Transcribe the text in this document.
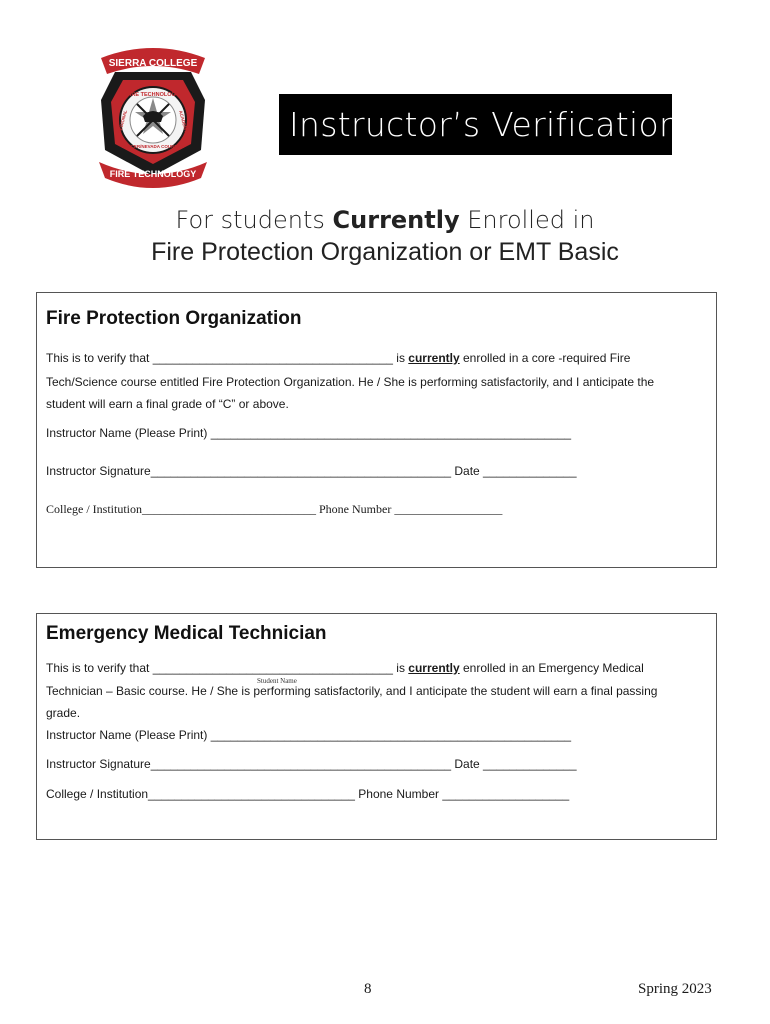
SIERRA COLLEGE
FIRE TECHNOLOGY
REGIONAL	ACADEMY
PLACER/NEVADA COUNTIES
FIRE TECHNOLOGY
Instructor’s Verification
For students Currently Enrolled in
Fire Protection Organization or EMT Basic
Fire Protection Organization
This is to verify that ____________________________________ is currently enrolled in a core -required Fire
Tech/Science course entitled Fire Protection Organization. He / She is performing satisfactorily, and I anticipate the
student will earn a final grade of “C” or above.
Instructor Name (Please Print) ______________________________________________________
Instructor Signature_____________________________________________ Date ______________
College / Institution_____________________________ Phone Number __________________
Emergency Medical Technician
This is to verify that ____________________________________ is currently enrolled in an Emergency Medical
Student Name
Technician – Basic course. He / She is performing satisfactorily, and I anticipate the student will earn a final passing
grade.
Instructor Name (Please Print) ______________________________________________________
Instructor Signature_____________________________________________ Date ______________
College / Institution_______________________________ Phone Number ___________________
8	Spring 2023
